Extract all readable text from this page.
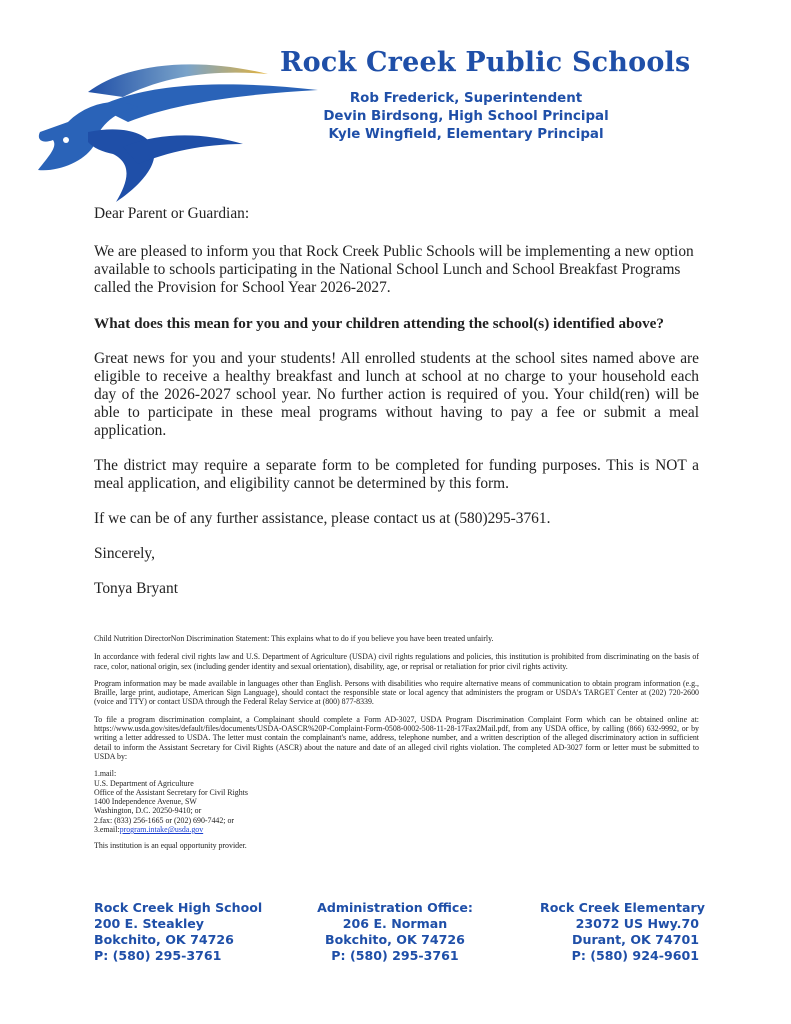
Rock Creek Public Schools
Rob Frederick, Superintendent
Devin Birdsong, High School Principal
Kyle Wingfield, Elementary Principal

Dear Parent or Guardian:

We are pleased to inform you that Rock Creek Public Schools will be implementing a new option available to schools participating in the National School Lunch and School Breakfast Programs called the Provision for School Year 2026-2027.

What does this mean for you and your children attending the school(s) identified above?

Great news for you and your students! All enrolled students at the school sites named above are eligible to receive a healthy breakfast and lunch at school at no charge to your household each day of the 2026-2027 school year. No further action is required of you. Your child(ren) will be able to participate in these meal programs without having to pay a fee or submit a meal application.

The district may require a separate form to be completed for funding purposes. This is NOT a meal application, and eligibility cannot be determined by this form.

If we can be of any further assistance, please contact us at (580)295-3761.

Sincerely,

Tonya Bryant

Child Nutrition DirectorNon Discrimination Statement: This explains what to do if you believe you have been treated unfairly.

In accordance with federal civil rights law and U.S. Department of Agriculture (USDA) civil rights regulations and policies, this institution is prohibited from discriminating on the basis of race, color, national origin, sex (including gender identity and sexual orientation), disability, age, or reprisal or retaliation for prior civil rights activity.

Program information may be made available in languages other than English. Persons with disabilities who require alternative means of communication to obtain program information (e.g., Braille, large print, audiotape, American Sign Language), should contact the responsible state or local agency that administers the program or USDA's TARGET Center at (202) 720-2600 (voice and TTY) or contact USDA through the Federal Relay Service at (800) 877-8339.

To file a program discrimination complaint, a Complainant should complete a Form AD-3027, USDA Program Discrimination Complaint Form which can be obtained online at: https://www.usda.gov/sites/default/files/documents/USDA-OASCR%20P-Complaint-Form-0508-0002-508-11-28-17Fax2Mail.pdf, from any USDA office, by calling (866) 632-9992, or by writing a letter addressed to USDA. The letter must contain the complainant's name, address, telephone number, and a written description of the alleged discriminatory action in sufficient detail to inform the Assistant Secretary for Civil Rights (ASCR) about the nature and date of an alleged civil rights violation. The completed AD-3027 form or letter must be submitted to USDA by:

1.mail:
U.S. Department of Agriculture
Office of the Assistant Secretary for Civil Rights
1400 Independence Avenue, SW
Washington, D.C. 20250-9410; or
2.fax: (833) 256-1665 or (202) 690-7442; or
3.email:program.intake@usda.gov

This institution is an equal opportunity provider.

Rock Creek High School
200 E. Steakley
Bokchito, OK 74726
P: (580) 295-3761
Administration Office:
206 E. Norman
Bokchito, OK 74726
P: (580) 295-3761
Rock Creek Elementary
23072 US Hwy.70
Durant, OK 74701
P: (580) 924-9601
